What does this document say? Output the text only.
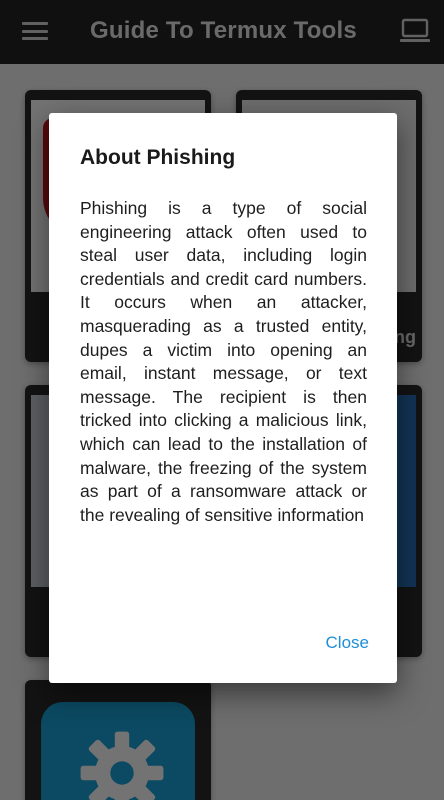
About Phishing
Phishing is a type of social engineering attack often used to steal user data, including login credentials and credit card numbers. It occurs when an attacker, masquerading as a trusted entity, dupes a victim into opening an email, instant message, or text message. The recipient is then tricked into clicking a malicious link, which can lead to the installation of malware, the freezing of the system as part of a ransomware attack or the revealing of sensitive information
Close
